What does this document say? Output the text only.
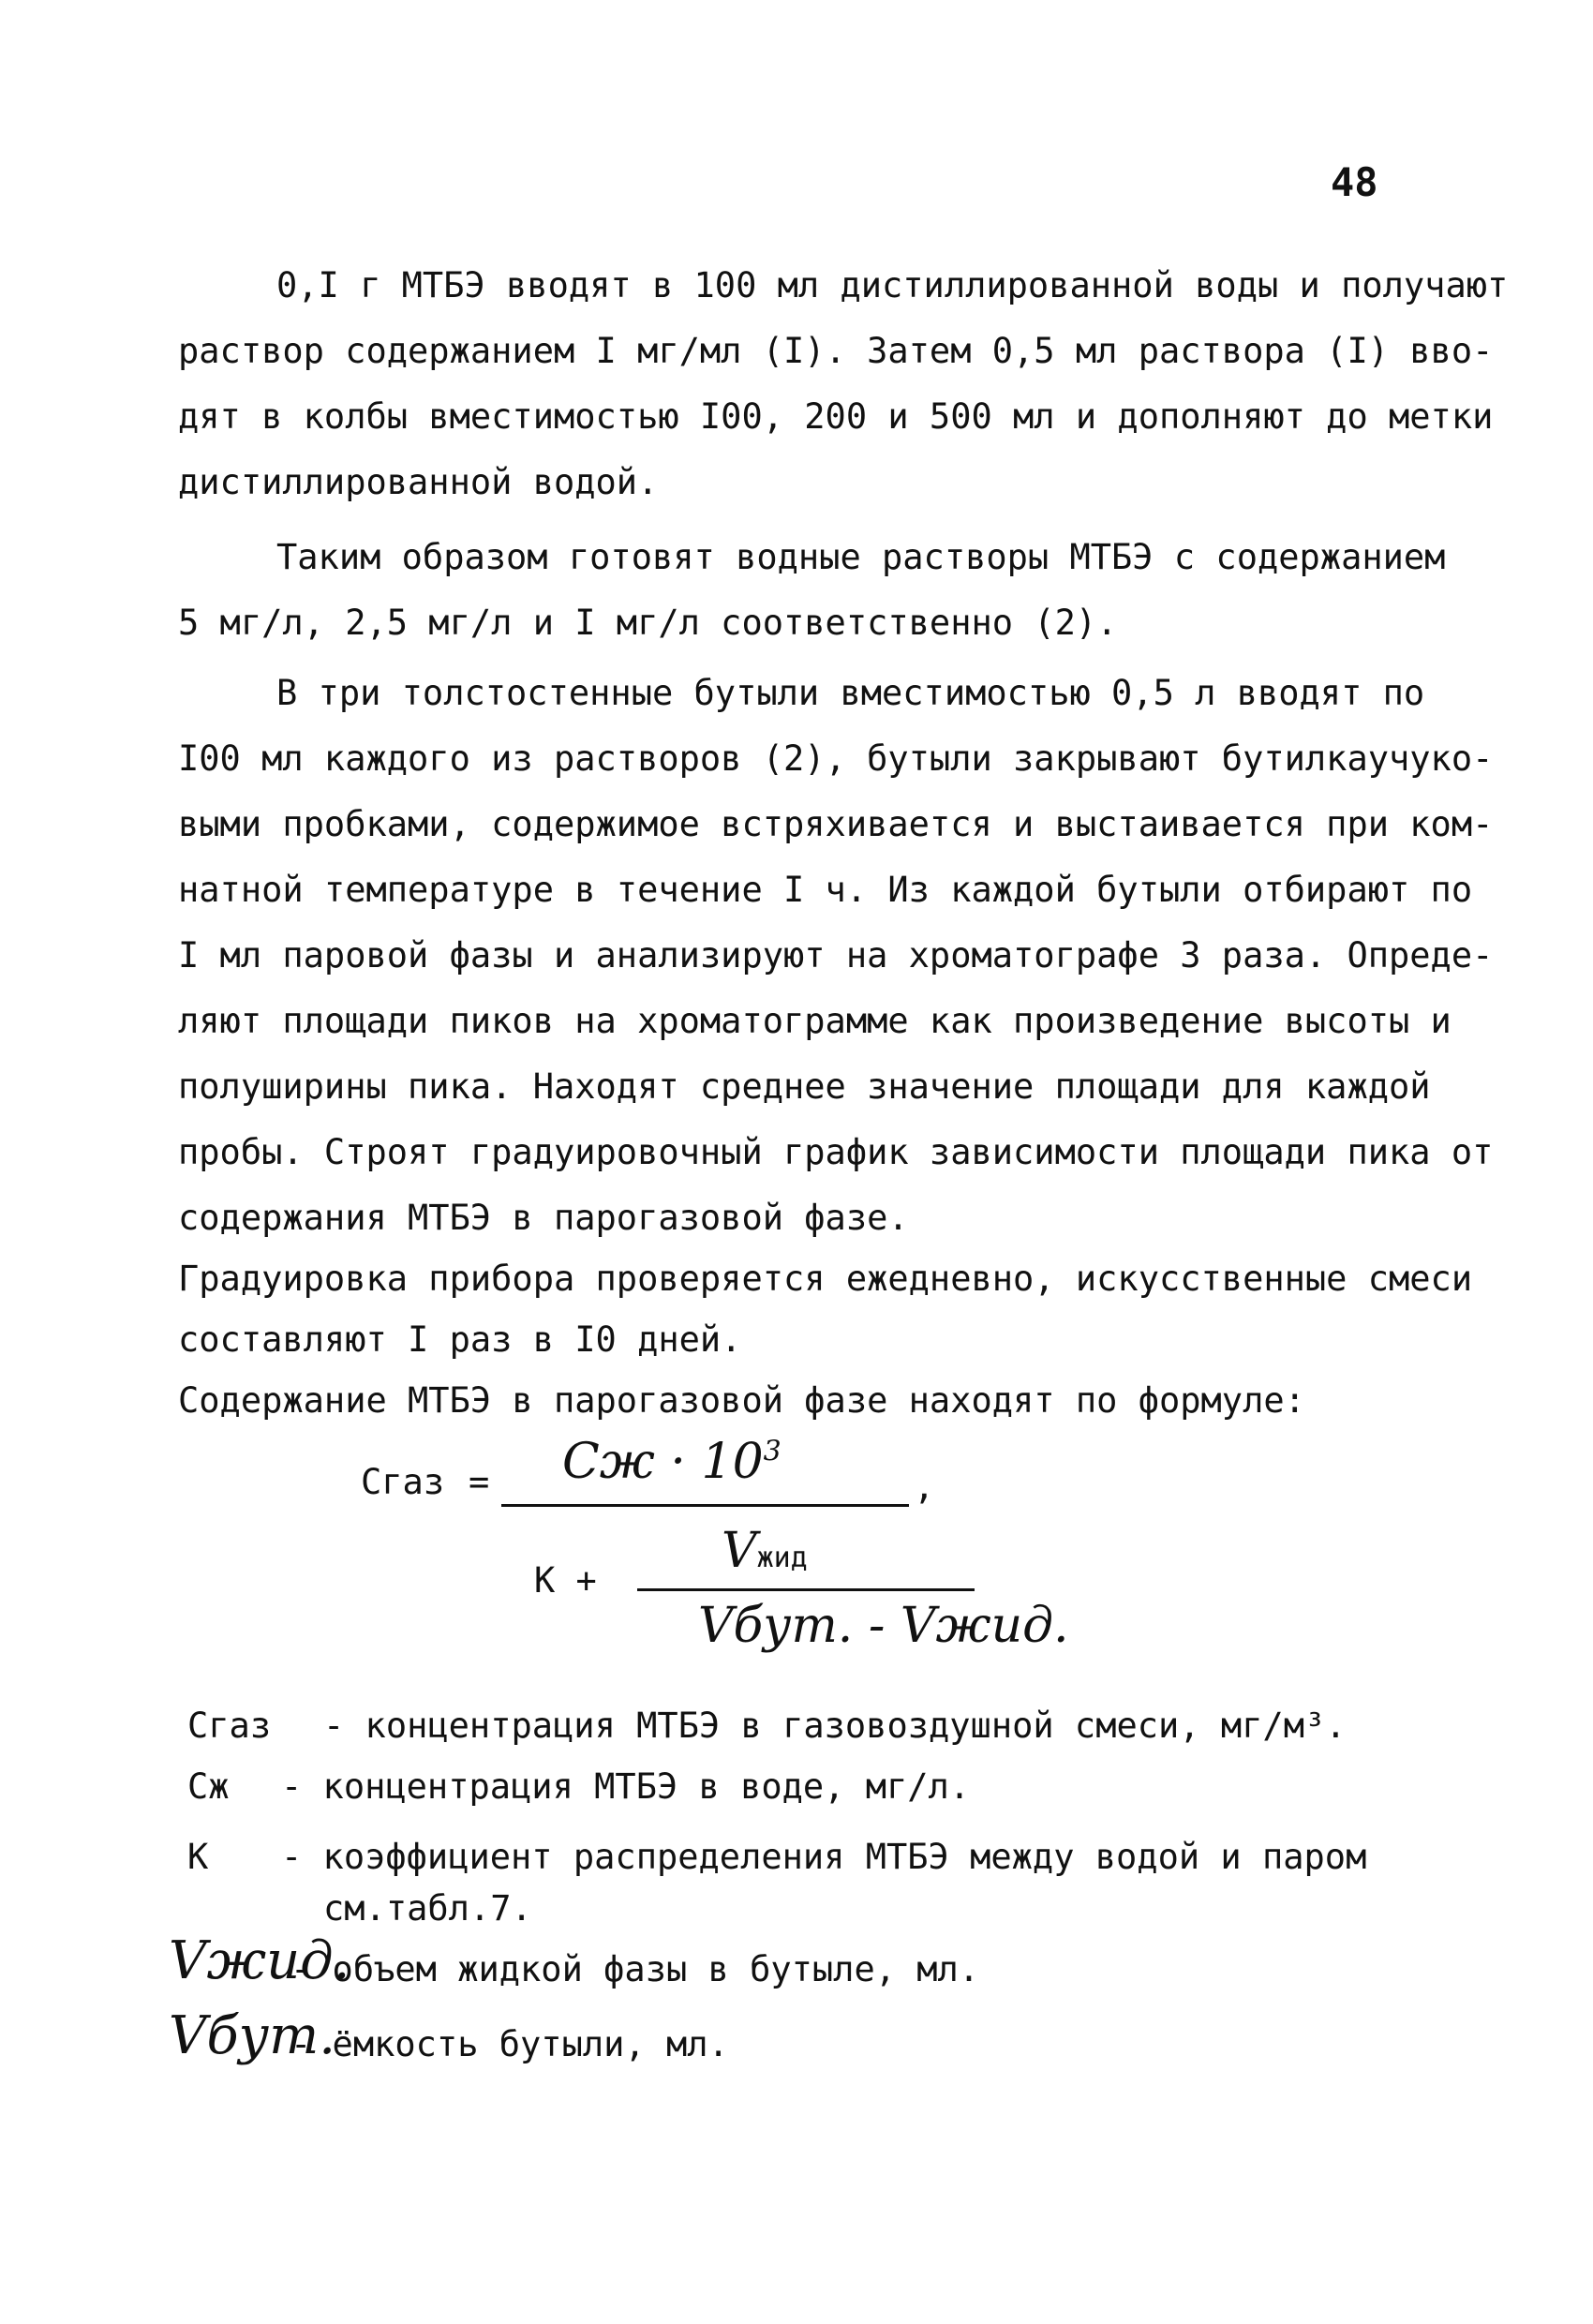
48
0,I г МТБЭ вводят в 100 мл дистиллированной воды и получают
раствор содержанием I мг/мл (I). Затем 0,5 мл раствора (I) вво-
дят в колбы вместимостью I00, 200 и 500 мл и дополняют до метки
дистиллированной водой.
Таким образом готовят водные растворы МТБЭ с содержанием
5 мг/л, 2,5 мг/л и I мг/л соответственно (2).
В три толстостенные бутыли вместимостью 0,5 л вводят по
I00 мл каждого из растворов (2), бутыли закрывают бутилкаучуко-
выми пробками, содержимое встряхивается и выстаивается при ком-
натной температуре в течение I ч. Из каждой бутыли отбирают по
I мл паровой фазы и анализируют на хроматографе 3 раза. Опреде-
ляют площади пиков на хроматограмме как произведение высоты и
полуширины пика. Находят среднее значение площади для каждой
пробы. Строят градуировочный график зависимости площади пика от
содержания МТБЭ в парогазовой фазе.
Градуировка прибора проверяется ежедневно, искусственные смеси
составляют I раз в I0 дней.
Содержание МТБЭ в парогазовой фазе находят по формуле:
Cгаз = Cж · $10^3$
,
K +
Vжид
Vбут. - Vжид.
Cгаз - концентрация МТБЭ в газовоздушной смеси, мг/м³.
Cж - концентрация МТБЭ в воде, мг/л.
K - коэффициент распределения МТБЭ между водой и паром
см.табл.7.
Vжид.
- объем жидкой фазы в бутыле, мл.
Vбут.
- ёмкость бутыли, мл.
